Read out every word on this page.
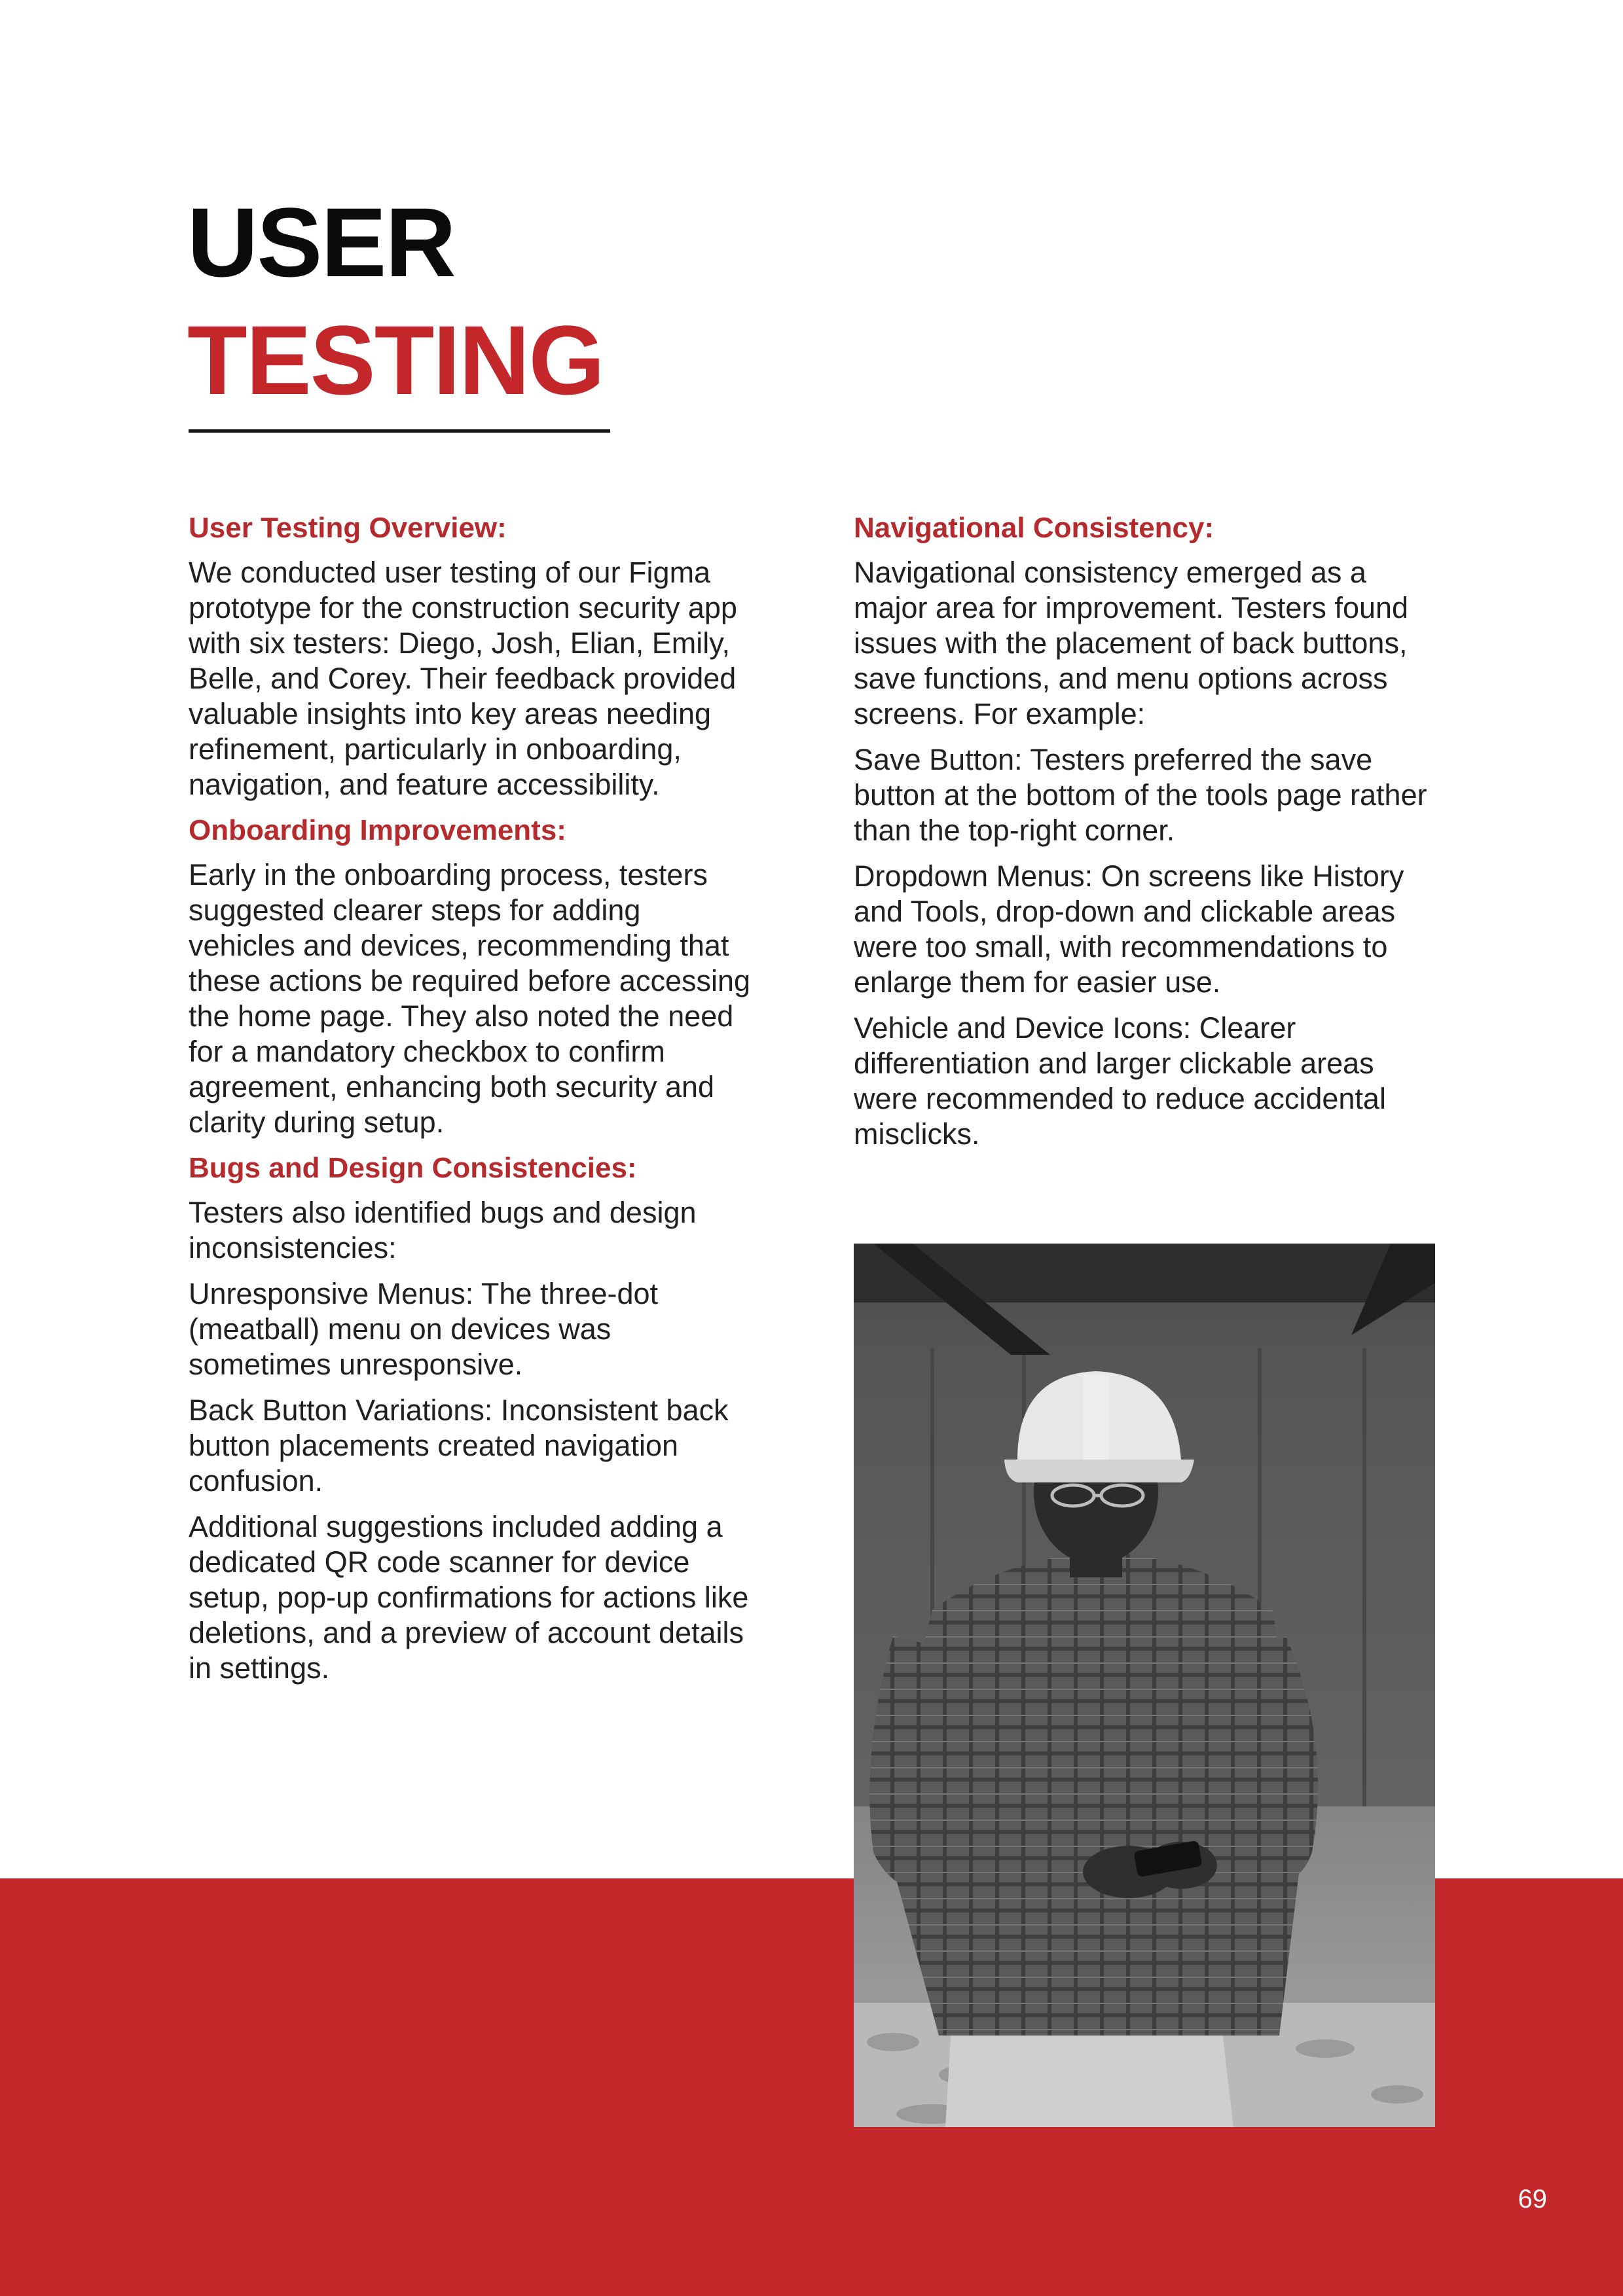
USER
TESTING
User Testing Overview:

We conducted user testing of our Figma prototype for the construction security app with six testers: Diego, Josh, Elian, Emily, Belle, and Corey. Their feedback provided valuable insights into key areas needing refinement, particularly in onboarding, navigation, and feature accessibility.

Onboarding Improvements:

Early in the onboarding process, testers suggested clearer steps for adding vehicles and devices, recommending that these actions be required before accessing the home page. They also noted the need for a mandatory checkbox to confirm agreement, enhancing both security and clarity during setup.

Bugs and Design Consistencies:

Testers also identified bugs and design inconsistencies:

Unresponsive Menus: The three-dot (meatball) menu on devices was sometimes unresponsive.

Back Button Variations: Inconsistent back button placements created navigation confusion.

Additional suggestions included adding a dedicated QR code scanner for device setup, pop-up confirmations for actions like deletions, and a preview of account details in settings.

Navigational Consistency:

Navigational consistency emerged as a major area for improvement. Testers found issues with the placement of back buttons, save functions, and menu options across screens. For example:

Save Button: Testers preferred the save button at the bottom of the tools page rather than the top-right corner.

Dropdown Menus: On screens like History and Tools, drop-down and clickable areas were too small, with recommendations to enlarge them for easier use.

Vehicle and Device Icons: Clearer differentiation and larger clickable areas were recommended to reduce accidental misclicks.

69
